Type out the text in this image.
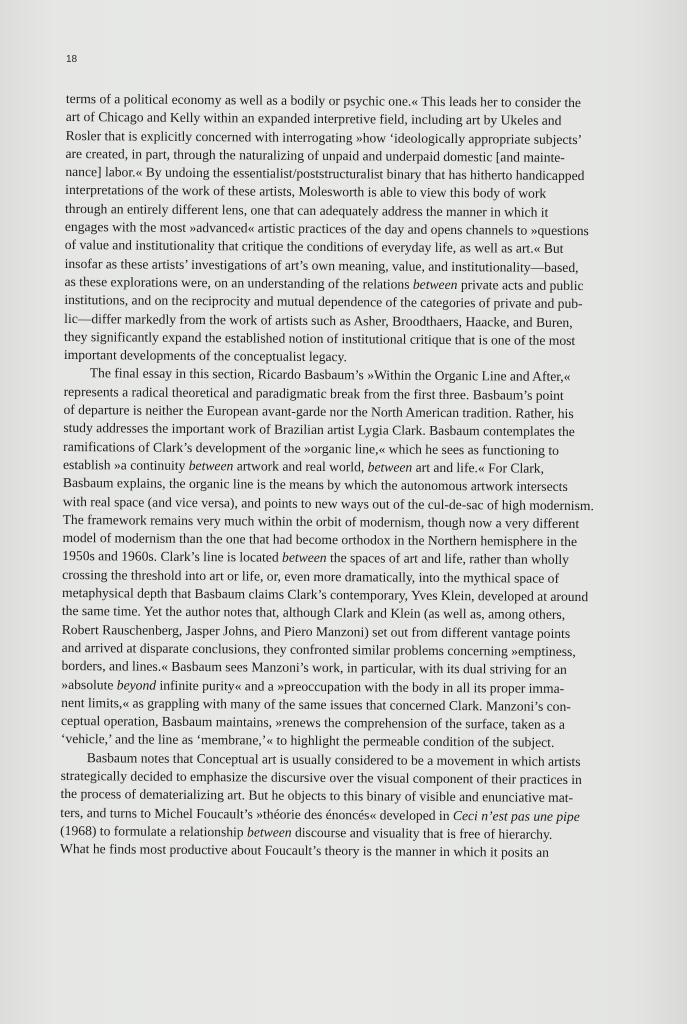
18
terms of a political economy as well as a bodily or psychic one.« This leads her to consider the
art of Chicago and Kelly within an expanded interpretive field, including art by Ukeles and
Rosler that is explicitly concerned with interrogating »how ‘ideologically appropriate subjects’
are created, in part, through the naturalizing of unpaid and underpaid domestic [and mainte-
nance] labor.« By undoing the essentialist/poststructuralist binary that has hitherto handicapped
interpretations of the work of these artists, Molesworth is able to view this body of work
through an entirely different lens, one that can adequately address the manner in which it
engages with the most »advanced« artistic practices of the day and opens channels to »questions
of value and institutionality that critique the conditions of everyday life, as well as art.« But
insofar as these artists’ investigations of art’s own meaning, value, and institutionality—based,
as these explorations were, on an understanding of the relations between private acts and public
institutions, and on the reciprocity and mutual dependence of the categories of private and pub-
lic—differ markedly from the work of artists such as Asher, Broodthaers, Haacke, and Buren,
they significantly expand the established notion of institutional critique that is one of the most
important developments of the conceptualist legacy.
The final essay in this section, Ricardo Basbaum’s »Within the Organic Line and After,«
represents a radical theoretical and paradigmatic break from the first three. Basbaum’s point
of departure is neither the European avant-garde nor the North American tradition. Rather, his
study addresses the important work of Brazilian artist Lygia Clark. Basbaum contemplates the
ramifications of Clark’s development of the »organic line,« which he sees as functioning to
establish »a continuity between artwork and real world, between art and life.« For Clark,
Basbaum explains, the organic line is the means by which the autonomous artwork intersects
with real space (and vice versa), and points to new ways out of the cul-de-sac of high modernism.
The framework remains very much within the orbit of modernism, though now a very different
model of modernism than the one that had become orthodox in the Northern hemisphere in the
1950s and 1960s. Clark’s line is located between the spaces of art and life, rather than wholly
crossing the threshold into art or life, or, even more dramatically, into the mythical space of
metaphysical depth that Basbaum claims Clark’s contemporary, Yves Klein, developed at around
the same time. Yet the author notes that, although Clark and Klein (as well as, among others,
Robert Rauschenberg, Jasper Johns, and Piero Manzoni) set out from different vantage points
and arrived at disparate conclusions, they confronted similar problems concerning »emptiness,
borders, and lines.« Basbaum sees Manzoni’s work, in particular, with its dual striving for an
»absolute beyond infinite purity« and a »preoccupation with the body in all its proper imma-
nent limits,« as grappling with many of the same issues that concerned Clark. Manzoni’s con-
ceptual operation, Basbaum maintains, »renews the comprehension of the surface, taken as a
‘vehicle,’ and the line as ‘membrane,’« to highlight the permeable condition of the subject.
Basbaum notes that Conceptual art is usually considered to be a movement in which artists
strategically decided to emphasize the discursive over the visual component of their practices in
the process of dematerializing art. But he objects to this binary of visible and enunciative mat-
ters, and turns to Michel Foucault’s »théorie des énoncés« developed in Ceci n’est pas une pipe
(1968) to formulate a relationship between discourse and visuality that is free of hierarchy.
What he finds most productive about Foucault’s theory is the manner in which it posits an
